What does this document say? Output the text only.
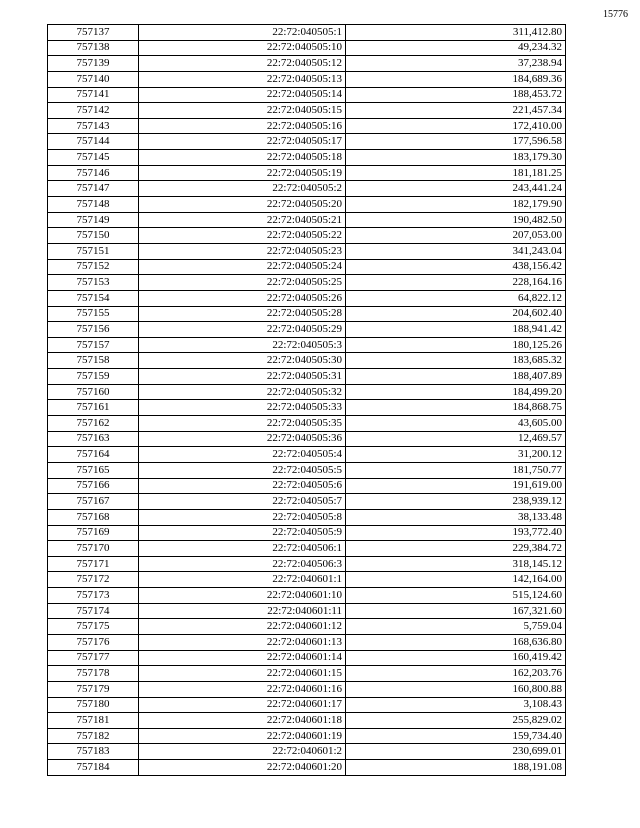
15776
757137	22:72:040505:1	311,412.80
757138	22:72:040505:10	49,234.32
757139	22:72:040505:12	37,238.94
757140	22:72:040505:13	184,689.36
757141	22:72:040505:14	188,453.72
757142	22:72:040505:15	221,457.34
757143	22:72:040505:16	172,410.00
757144	22:72:040505:17	177,596.58
757145	22:72:040505:18	183,179.30
757146	22:72:040505:19	181,181.25
757147	22:72:040505:2	243,441.24
757148	22:72:040505:20	182,179.90
757149	22:72:040505:21	190,482.50
757150	22:72:040505:22	207,053.00
757151	22:72:040505:23	341,243.04
757152	22:72:040505:24	438,156.42
757153	22:72:040505:25	228,164.16
757154	22:72:040505:26	64,822.12
757155	22:72:040505:28	204,602.40
757156	22:72:040505:29	188,941.42
757157	22:72:040505:3	180,125.26
757158	22:72:040505:30	183,685.32
757159	22:72:040505:31	188,407.89
757160	22:72:040505:32	184,499.20
757161	22:72:040505:33	184,868.75
757162	22:72:040505:35	43,605.00
757163	22:72:040505:36	12,469.57
757164	22:72:040505:4	31,200.12
757165	22:72:040505:5	181,750.77
757166	22:72:040505:6	191,619.00
757167	22:72:040505:7	238,939.12
757168	22:72:040505:8	38,133.48
757169	22:72:040505:9	193,772.40
757170	22:72:040506:1	229,384.72
757171	22:72:040506:3	318,145.12
757172	22:72:040601:1	142,164.00
757173	22:72:040601:10	515,124.60
757174	22:72:040601:11	167,321.60
757175	22:72:040601:12	5,759.04
757176	22:72:040601:13	168,636.80
757177	22:72:040601:14	160,419.42
757178	22:72:040601:15	162,203.76
757179	22:72:040601:16	160,800.88
757180	22:72:040601:17	3,108.43
757181	22:72:040601:18	255,829.02
757182	22:72:040601:19	159,734.40
757183	22:72:040601:2	230,699.01
757184	22:72:040601:20	188,191.08
